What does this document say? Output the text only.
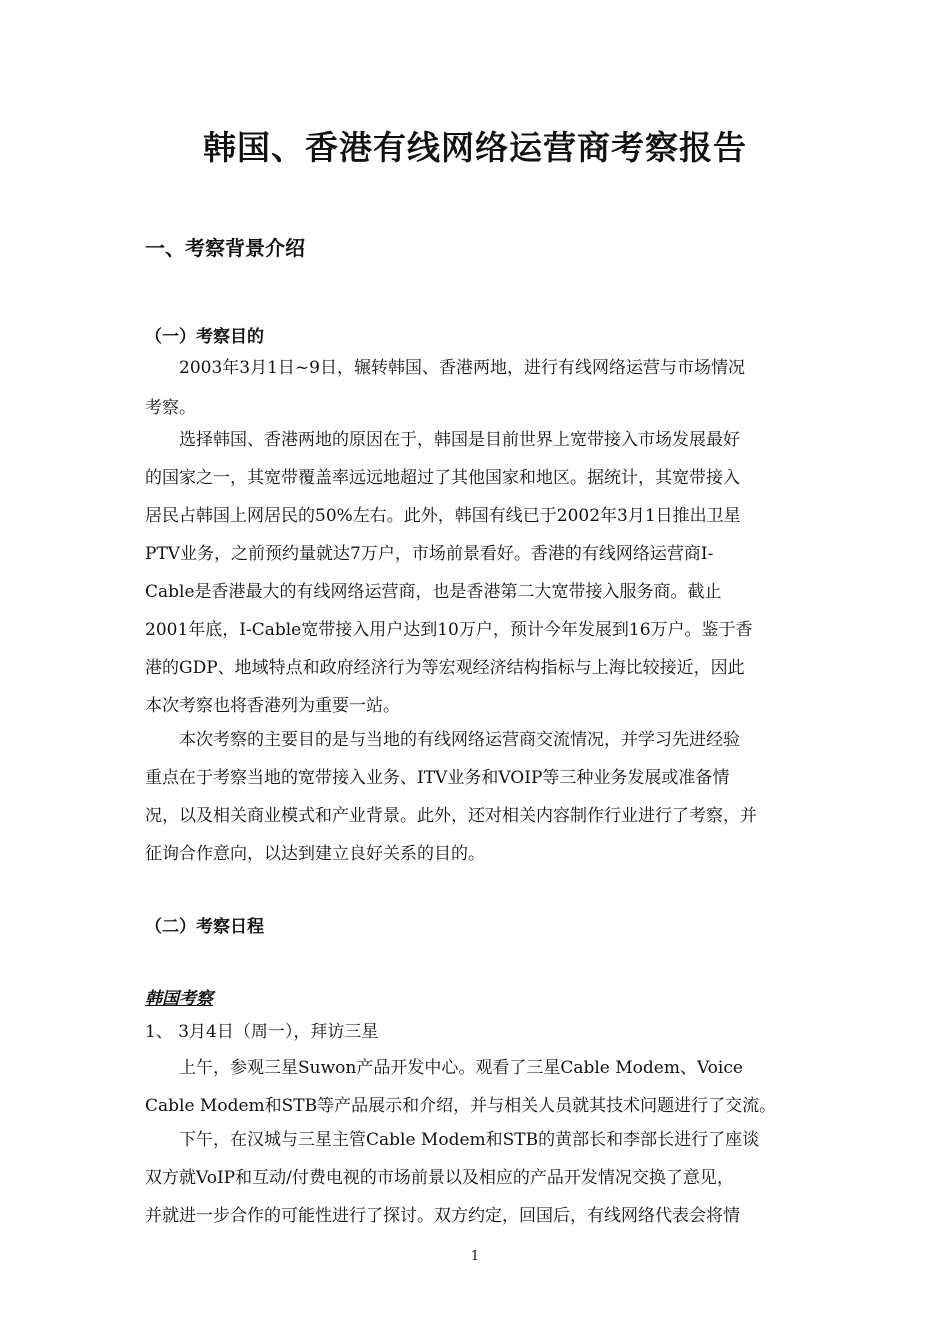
韩国、香港有线网络运营商考察报告
一、考察背景介绍
（一）考察目的

2003年3月1日~9日，辗转韩国、香港两地，进行有线网络运营与市场情况

考察。

选择韩国、香港两地的原因在于，韩国是目前世界上宽带接入市场发展最好

的国家之一，其宽带覆盖率远远地超过了其他国家和地区。据统计，其宽带接入

居民占韩国上网居民的50%左右。此外，韩国有线已于2002年3月1日推出卫星

PTV业务，之前预约量就达7万户，市场前景看好。香港的有线网络运营商I-

Cable是香港最大的有线网络运营商，也是香港第二大宽带接入服务商。截止

2001年底，I-Cable宽带接入用户达到10万户，预计今年发展到16万户。鉴于香

港的GDP、地域特点和政府经济行为等宏观经济结构指标与上海比较接近，因此

本次考察也将香港列为重要一站。

本次考察的主要目的是与当地的有线网络运营商交流情况，并学习先进经验

重点在于考察当地的宽带接入业务、ITV业务和VOIP等三种业务发展或准备情

况，以及相关商业模式和产业背景。此外，还对相关内容制作行业进行了考察，并

征询合作意向，以达到建立良好关系的目的。

（二）考察日程
韩国考察

1、 3月4日（周一），拜访三星

上午，参观三星Suwon产品开发中心。观看了三星Cable Modem、Voice

Cable Modem和STB等产品展示和介绍，并与相关人员就其技术问题进行了交流。

下午，在汉城与三星主管Cable Modem和STB的黄部长和李部长进行了座谈

双方就VoIP和互动/付费电视的市场前景以及相应的产品开发情况交换了意见，

并就进一步合作的可能性进行了探讨。双方约定，回国后，有线网络代表会将情

1
